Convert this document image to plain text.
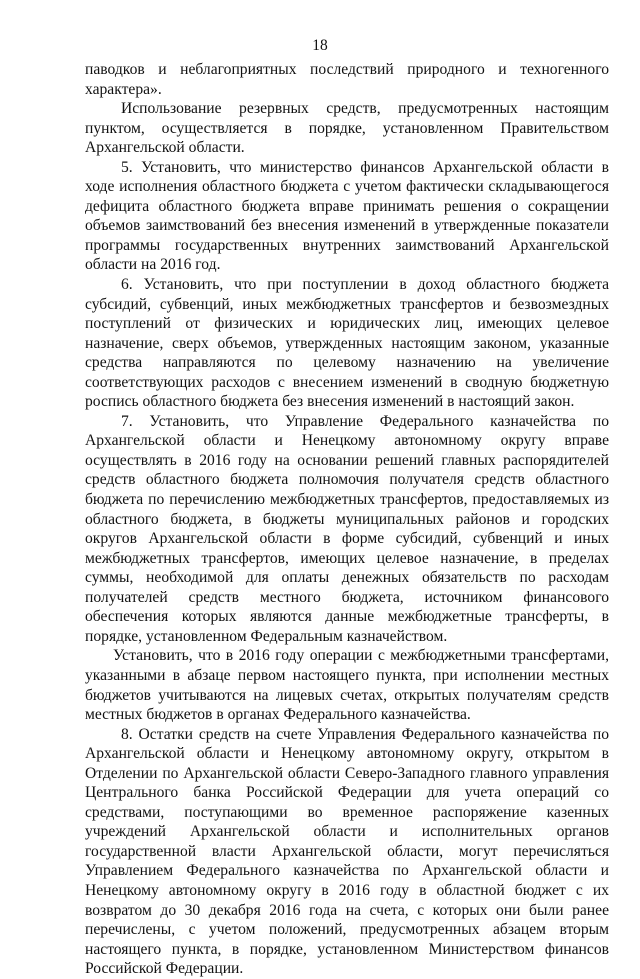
18

паводков и неблагоприятных последствий природного и техногенного характера».

Использование резервных средств, предусмотренных настоящим пунктом, осуществляется в порядке, установленном Правительством Архангельской области.

5. Установить, что министерство финансов Архангельской области в ходе исполнения областного бюджета с учетом фактически складывающегося дефицита областного бюджета вправе принимать решения о сокращении объемов заимствований без внесения изменений в утвержденные показатели программы государственных внутренних заимствований Архангельской области на 2016 год.

6. Установить, что при поступлении в доход областного бюджета субсидий, субвенций, иных межбюджетных трансфертов и безвозмездных поступлений от физических и юридических лиц, имеющих целевое назначение, сверх объемов, утвержденных настоящим законом, указанные средства направляются по целевому назначению на увеличение соответствующих расходов с внесением изменений в сводную бюджетную роспись областного бюджета без внесения изменений в настоящий закон.

7. Установить, что Управление Федерального казначейства по Архангельской области и Ненецкому автономному округу вправе осуществлять в 2016 году на основании решений главных распорядителей средств областного бюджета полномочия получателя средств областного бюджета по перечислению межбюджетных трансфертов, предоставляемых из областного бюджета, в бюджеты муниципальных районов и городских округов Архангельской области в форме субсидий, субвенций и иных межбюджетных трансфертов, имеющих целевое назначение, в пределах суммы, необходимой для оплаты денежных обязательств по расходам получателей средств местного бюджета, источником финансового обеспечения которых являются данные межбюджетные трансферты, в порядке, установленном Федеральным казначейством.

Установить, что в 2016 году операции с межбюджетными трансфертами, указанными в абзаце первом настоящего пункта, при исполнении местных бюджетов учитываются на лицевых счетах, открытых получателям средств местных бюджетов в органах Федерального казначейства.

8. Остатки средств на счете Управления Федерального казначейства по Архангельской области и Ненецкому автономному округу, открытом в Отделении по Архангельской области Северо-Западного главного управления Центрального банка Российской Федерации для учета операций со средствами, поступающими во временное распоряжение казенных учреждений Архангельской области и исполнительных органов государственной власти Архангельской области, могут перечисляться Управлением Федерального казначейства по Архангельской области и Ненецкому автономному округу в 2016 году в областной бюджет с их возвратом до 30 декабря 2016 года на счета, с которых они были ранее перечислены, с учетом положений, предусмотренных абзацем вторым настоящего пункта, в порядке, установленном Министерством финансов Российской Федерации.
